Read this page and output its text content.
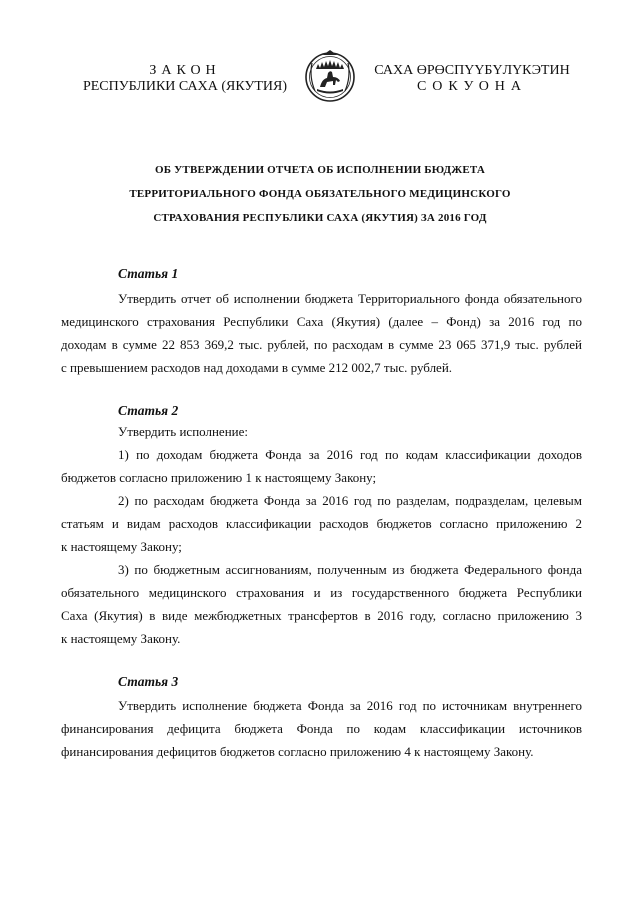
ЗАКОН
РЕСПУБЛИКИ САХА (ЯКУТИЯ)
САХА ӨРӨСПҮҮБҮЛҮКЭТИН
СОКУОНА
ОБ УТВЕРЖДЕНИИ ОТЧЕТА ОБ ИСПОЛНЕНИИ БЮДЖЕТА
ТЕРРИТОРИАЛЬНОГО ФОНДА ОБЯЗАТЕЛЬНОГО МЕДИЦИНСКОГО
СТРАХОВАНИЯ РЕСПУБЛИКИ САХА (ЯКУТИЯ) ЗА 2016 ГОД
Статья 1
Утвердить отчет об исполнении бюджета Территориального фонда обязательного
медицинского страхования Республики Саха (Якутия) (далее – Фонд) за 2016 год по
доходам в сумме 22 853 369,2 тыс. рублей, по расходам в сумме 23 065 371,9 тыс. рублей
с превышением расходов над доходами в сумме 212 002,7 тыс. рублей.
Статья 2
Утвердить исполнение:
1) по доходам бюджета Фонда за 2016 год по кодам классификации доходов
бюджетов согласно приложению 1 к настоящему Закону;
2) по расходам бюджета Фонда за 2016 год по разделам, подразделам, целевым
статьям и видам расходов классификации расходов бюджетов согласно приложению 2
к настоящему Закону;
3) по бюджетным ассигнованиям, полученным из бюджета Федерального фонда
обязательного медицинского страхования и из государственного бюджета Республики
Саха (Якутия) в виде межбюджетных трансфертов в 2016 году, согласно приложению 3
к настоящему Закону.
Статья 3
Утвердить исполнение бюджета Фонда за 2016 год по источникам внутреннего
финансирования дефицита бюджета Фонда по кодам классификации источников
финансирования дефицитов бюджетов согласно приложению 4 к настоящему Закону.
